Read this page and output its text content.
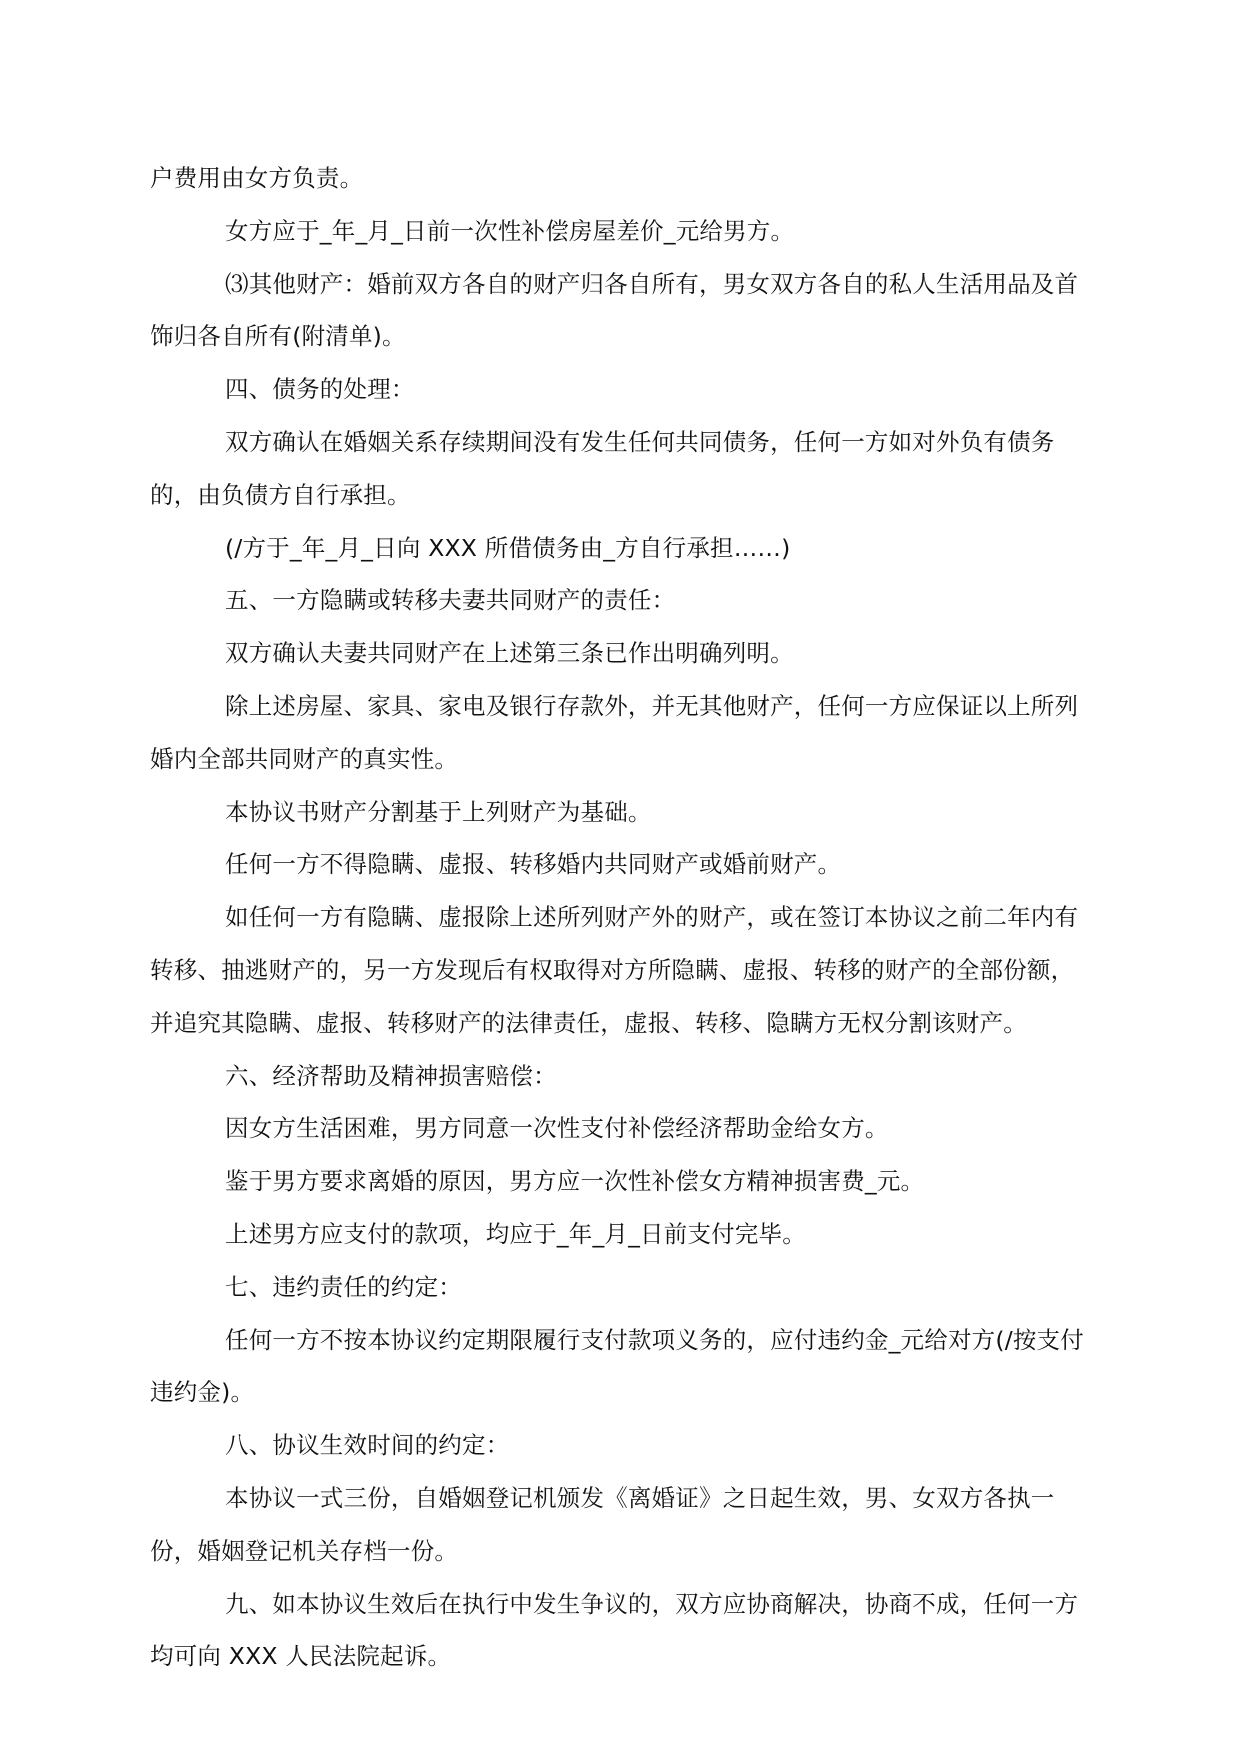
户费用由女方负责。

女方应于_年_月_日前一次性补偿房屋差价_元给男方。

⑶其他财产：婚前双方各自的财产归各自所有，男女双方各自的私人生活用品及首饰归各自所有(附清单)。

四、债务的处理：

双方确认在婚姻关系存续期间没有发生任何共同债务，任何一方如对外负有债务的，由负债方自行承担。

(/方于_年_月_日向 XXX 所借债务由_方自行承担……)

五、一方隐瞒或转移夫妻共同财产的责任：

双方确认夫妻共同财产在上述第三条已作出明确列明。

除上述房屋、家具、家电及银行存款外，并无其他财产，任何一方应保证以上所列婚内全部共同财产的真实性。

本协议书财产分割基于上列财产为基础。

任何一方不得隐瞒、虚报、转移婚内共同财产或婚前财产。

如任何一方有隐瞒、虚报除上述所列财产外的财产，或在签订本协议之前二年内有转移、抽逃财产的，另一方发现后有权取得对方所隐瞒、虚报、转移的财产的全部份额，并追究其隐瞒、虚报、转移财产的法律责任，虚报、转移、隐瞒方无权分割该财产。

六、经济帮助及精神损害赔偿：

因女方生活困难，男方同意一次性支付补偿经济帮助金给女方。

鉴于男方要求离婚的原因，男方应一次性补偿女方精神损害费_元。

上述男方应支付的款项，均应于_年_月_日前支付完毕。

七、违约责任的约定：

任何一方不按本协议约定期限履行支付款项义务的，应付违约金_元给对方(/按支付违约金)。

八、协议生效时间的约定：

本协议一式三份，自婚姻登记机颁发《离婚证》之日起生效，男、女双方各执一份，婚姻登记机关存档一份。

九、如本协议生效后在执行中发生争议的，双方应协商解决，协商不成，任何一方均可向 XXX 人民法院起诉。
